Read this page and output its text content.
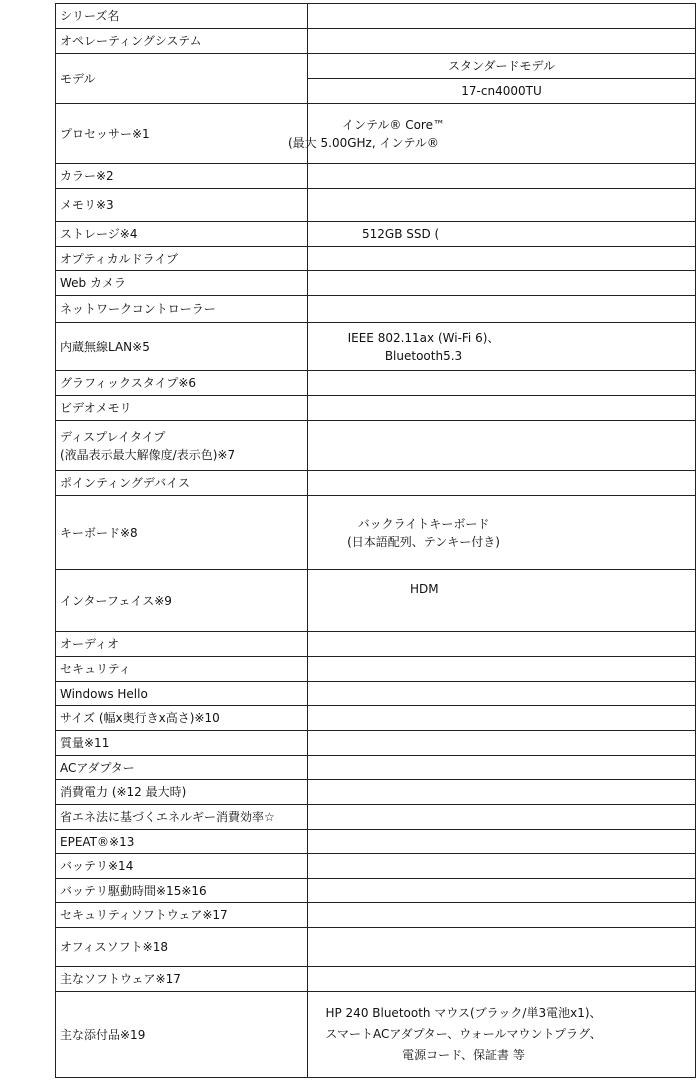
シリーズ名	
オペレーティングシステム	
モデル	スタンダードモデル
	17-cn4000TU
プロセッサー※1	インテル® Core™
(最大 5.00GHz, インテル®

カラー※2	
メモリ※3	
ストレージ※4	512GB SSD (

オプティカルドライブ	
Web カメラ	
ネットワークコントローラー	
内蔵無線LAN※5	IEEE 802.11ax (Wi-Fi 6)、
Bluetooth5.3

グラフィックスタイプ※6	
ビデオメモリ	

ディスプレイタイプ
(液晶表示最大解像度/表示色)※7	

ポインティングデバイス	
キーボード※8	バックライトキーボード
(日本語配列、テンキー付き)

インターフェイス※9	HDM

オーディオ	
セキュリティ	
Windows Hello	
サイズ (幅x奥行きx高さ)※10	
質量※11	
ACアダプター	
消費電力 (※12 最大時)	
省エネ法に基づくエネルギー消費効率☆	
EPEAT®※13	
バッテリ※14	
バッテリ駆動時間※15※16	
セキュリティソフトウェア※17	
オフィスソフト※18	
主なソフトウェア※17	
主な添付品※19	HP 240 Bluetooth マウス(ブラック/単3電池x1)、
スマートACアダプター、ウォールマウントプラグ、
電源コード、保証書 等
